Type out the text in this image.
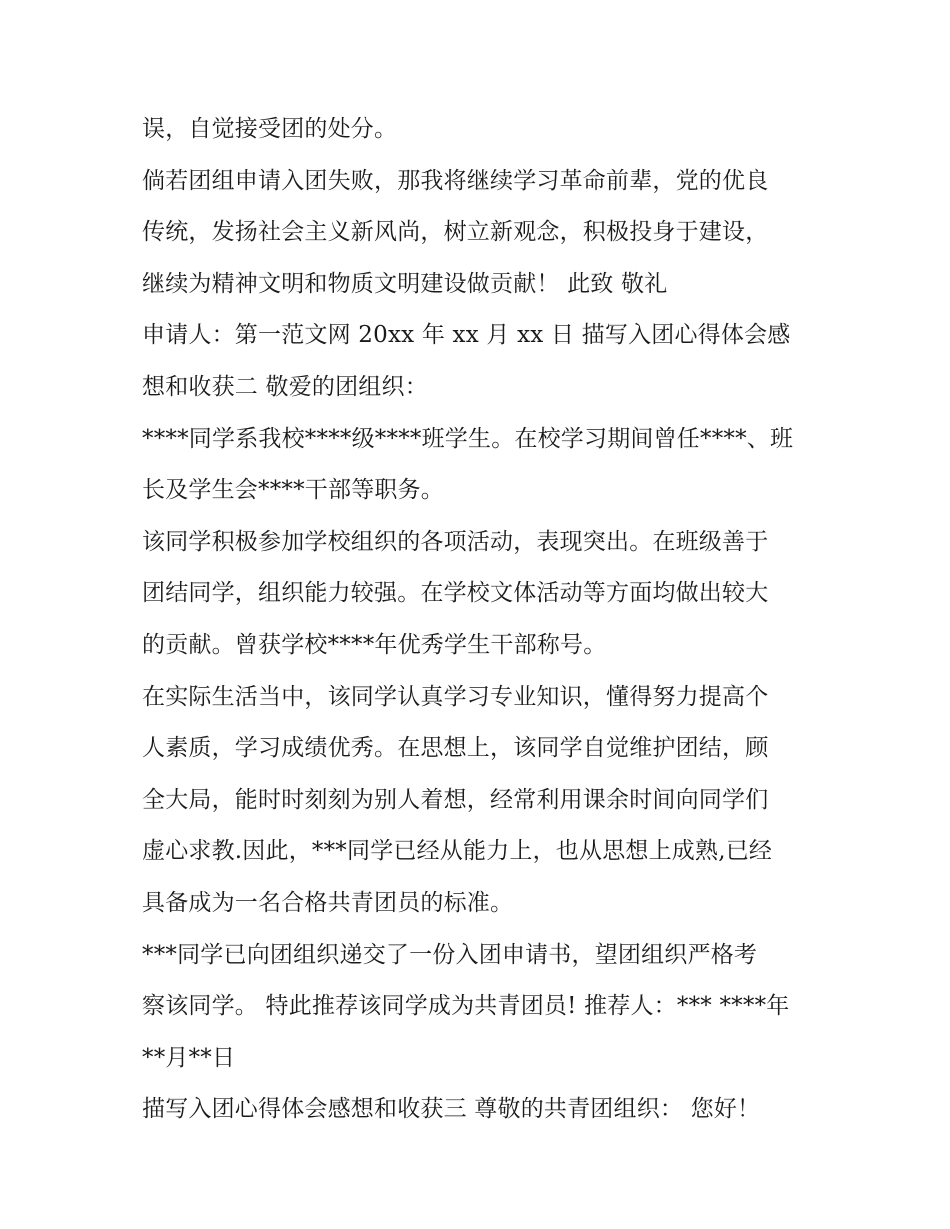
误，自觉接受团的处分。
倘若团组申请入团失败，那我将继续学习革命前辈，党的优良
传统，发扬社会主义新风尚，树立新观念，积极投身于建设，
继续为精神文明和物质文明建设做贡献！ 此致 敬礼
申请人：第一范文网 20xx 年 xx 月 xx 日 描写入团心得体会感
想和收获二 敬爱的团组织：
****同学系我校****级****班学生。在校学习期间曾任****、班
长及学生会****干部等职务。
该同学积极参加学校组织的各项活动，表现突出。在班级善于
团结同学，组织能力较强。在学校文体活动等方面均做出较大
的贡献。曾获学校****年优秀学生干部称号。
在实际生活当中，该同学认真学习专业知识，懂得努力提高个
人素质，学习成绩优秀。在思想上，该同学自觉维护团结，顾
全大局，能时时刻刻为别人着想，经常利用课余时间向同学们
虚心求教.因此，***同学已经从能力上，也从思想上成熟,已经
具备成为一名合格共青团员的标准。
***同学已向团组织递交了一份入团申请书，望团组织严格考
察该同学。 特此推荐该同学成为共青团员! 推荐人：*** ****年
**月**日
描写入团心得体会感想和收获三 尊敬的共青团组织： 您好！
